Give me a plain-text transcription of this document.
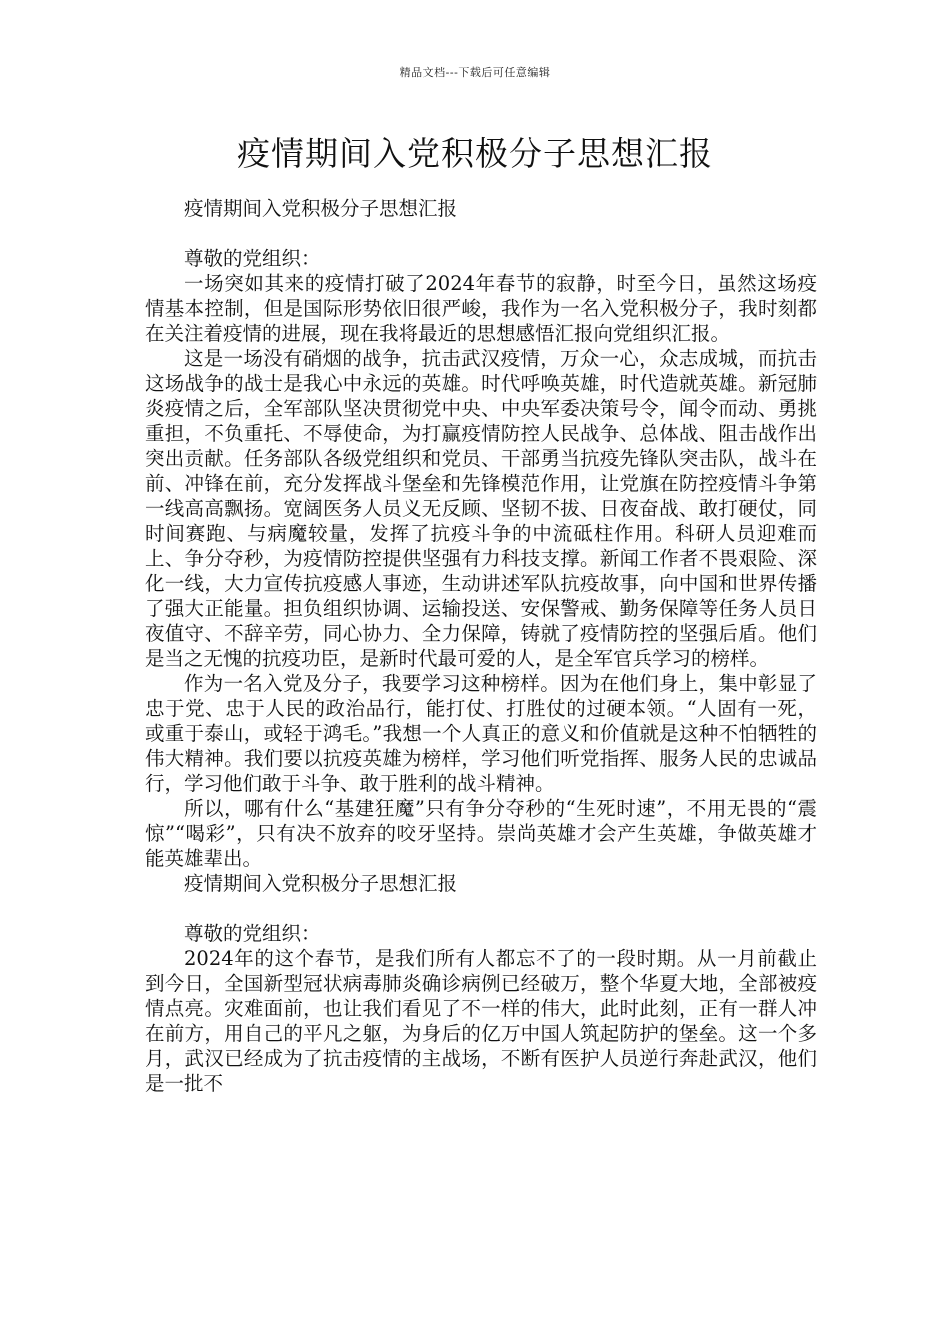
精品文档---下载后可任意编辑
疫情期间入党积极分子思想汇报

疫情期间入党积极分子思想汇报

尊敬的党组织：

一场突如其来的疫情打破了2024年春节的寂静，时至今日，虽然这场疫情基本控制，但是国际形势依旧很严峻，我作为一名入党积极分子，我时刻都在关注着疫情的进展，现在我将最近的思想感悟汇报向党组织汇报。

这是一场没有硝烟的战争，抗击武汉疫情，万众一心，众志成城，而抗击这场战争的战士是我心中永远的英雄。时代呼唤英雄，时代造就英雄。新冠肺炎疫情之后，全军部队坚决贯彻党中央、中央军委决策号令，闻令而动、勇挑重担，不负重托、不辱使命，为打赢疫情防控人民战争、总体战、阻击战作出突出贡献。任务部队各级党组织和党员、干部勇当抗疫先锋队突击队，战斗在前、冲锋在前，充分发挥战斗堡垒和先锋模范作用，让党旗在防控疫情斗争第一线高高飘扬。宽阔医务人员义无反顾、坚韧不拔、日夜奋战、敢打硬仗，同时间赛跑、与病魔较量，发挥了抗疫斗争的中流砥柱作用。科研人员迎难而上、争分夺秒，为疫情防控提供坚强有力科技支撑。新闻工作者不畏艰险、深化一线，大力宣传抗疫感人事迹，生动讲述军队抗疫故事，向中国和世界传播了强大正能量。担负组织协调、运输投送、安保警戒、勤务保障等任务人员日夜值守、不辞辛劳，同心协力、全力保障，铸就了疫情防控的坚强后盾。他们是当之无愧的抗疫功臣，是新时代最可爱的人，是全军官兵学习的榜样。

作为一名入党及分子，我要学习这种榜样。因为在他们身上，集中彰显了忠于党、忠于人民的政治品行，能打仗、打胜仗的过硬本领。“人固有一死，或重于泰山，或轻于鸿毛。”我想一个人真正的意义和价值就是这种不怕牺牲的伟大精神。我们要以抗疫英雄为榜样，学习他们听党指挥、服务人民的忠诚品行，学习他们敢于斗争、敢于胜利的战斗精神。

所以，哪有什么“基建狂魔”只有争分夺秒的“生死时速”，不用无畏的“震惊”“喝彩”，只有决不放弃的咬牙坚持。崇尚英雄才会产生英雄，争做英雄才能英雄辈出。

疫情期间入党积极分子思想汇报

尊敬的党组织：

2024年的这个春节，是我们所有人都忘不了的一段时期。从一月前截止到今日，全国新型冠状病毒肺炎确诊病例已经破万，整个华夏大地，全部被疫情点亮。灾难面前，也让我们看见了不一样的伟大，此时此刻，正有一群人冲在前方，用自己的平凡之躯，为身后的亿万中国人筑起防护的堡垒。这一个多月，武汉已经成为了抗击疫情的主战场，不断有医护人员逆行奔赴武汉，他们是一批不
